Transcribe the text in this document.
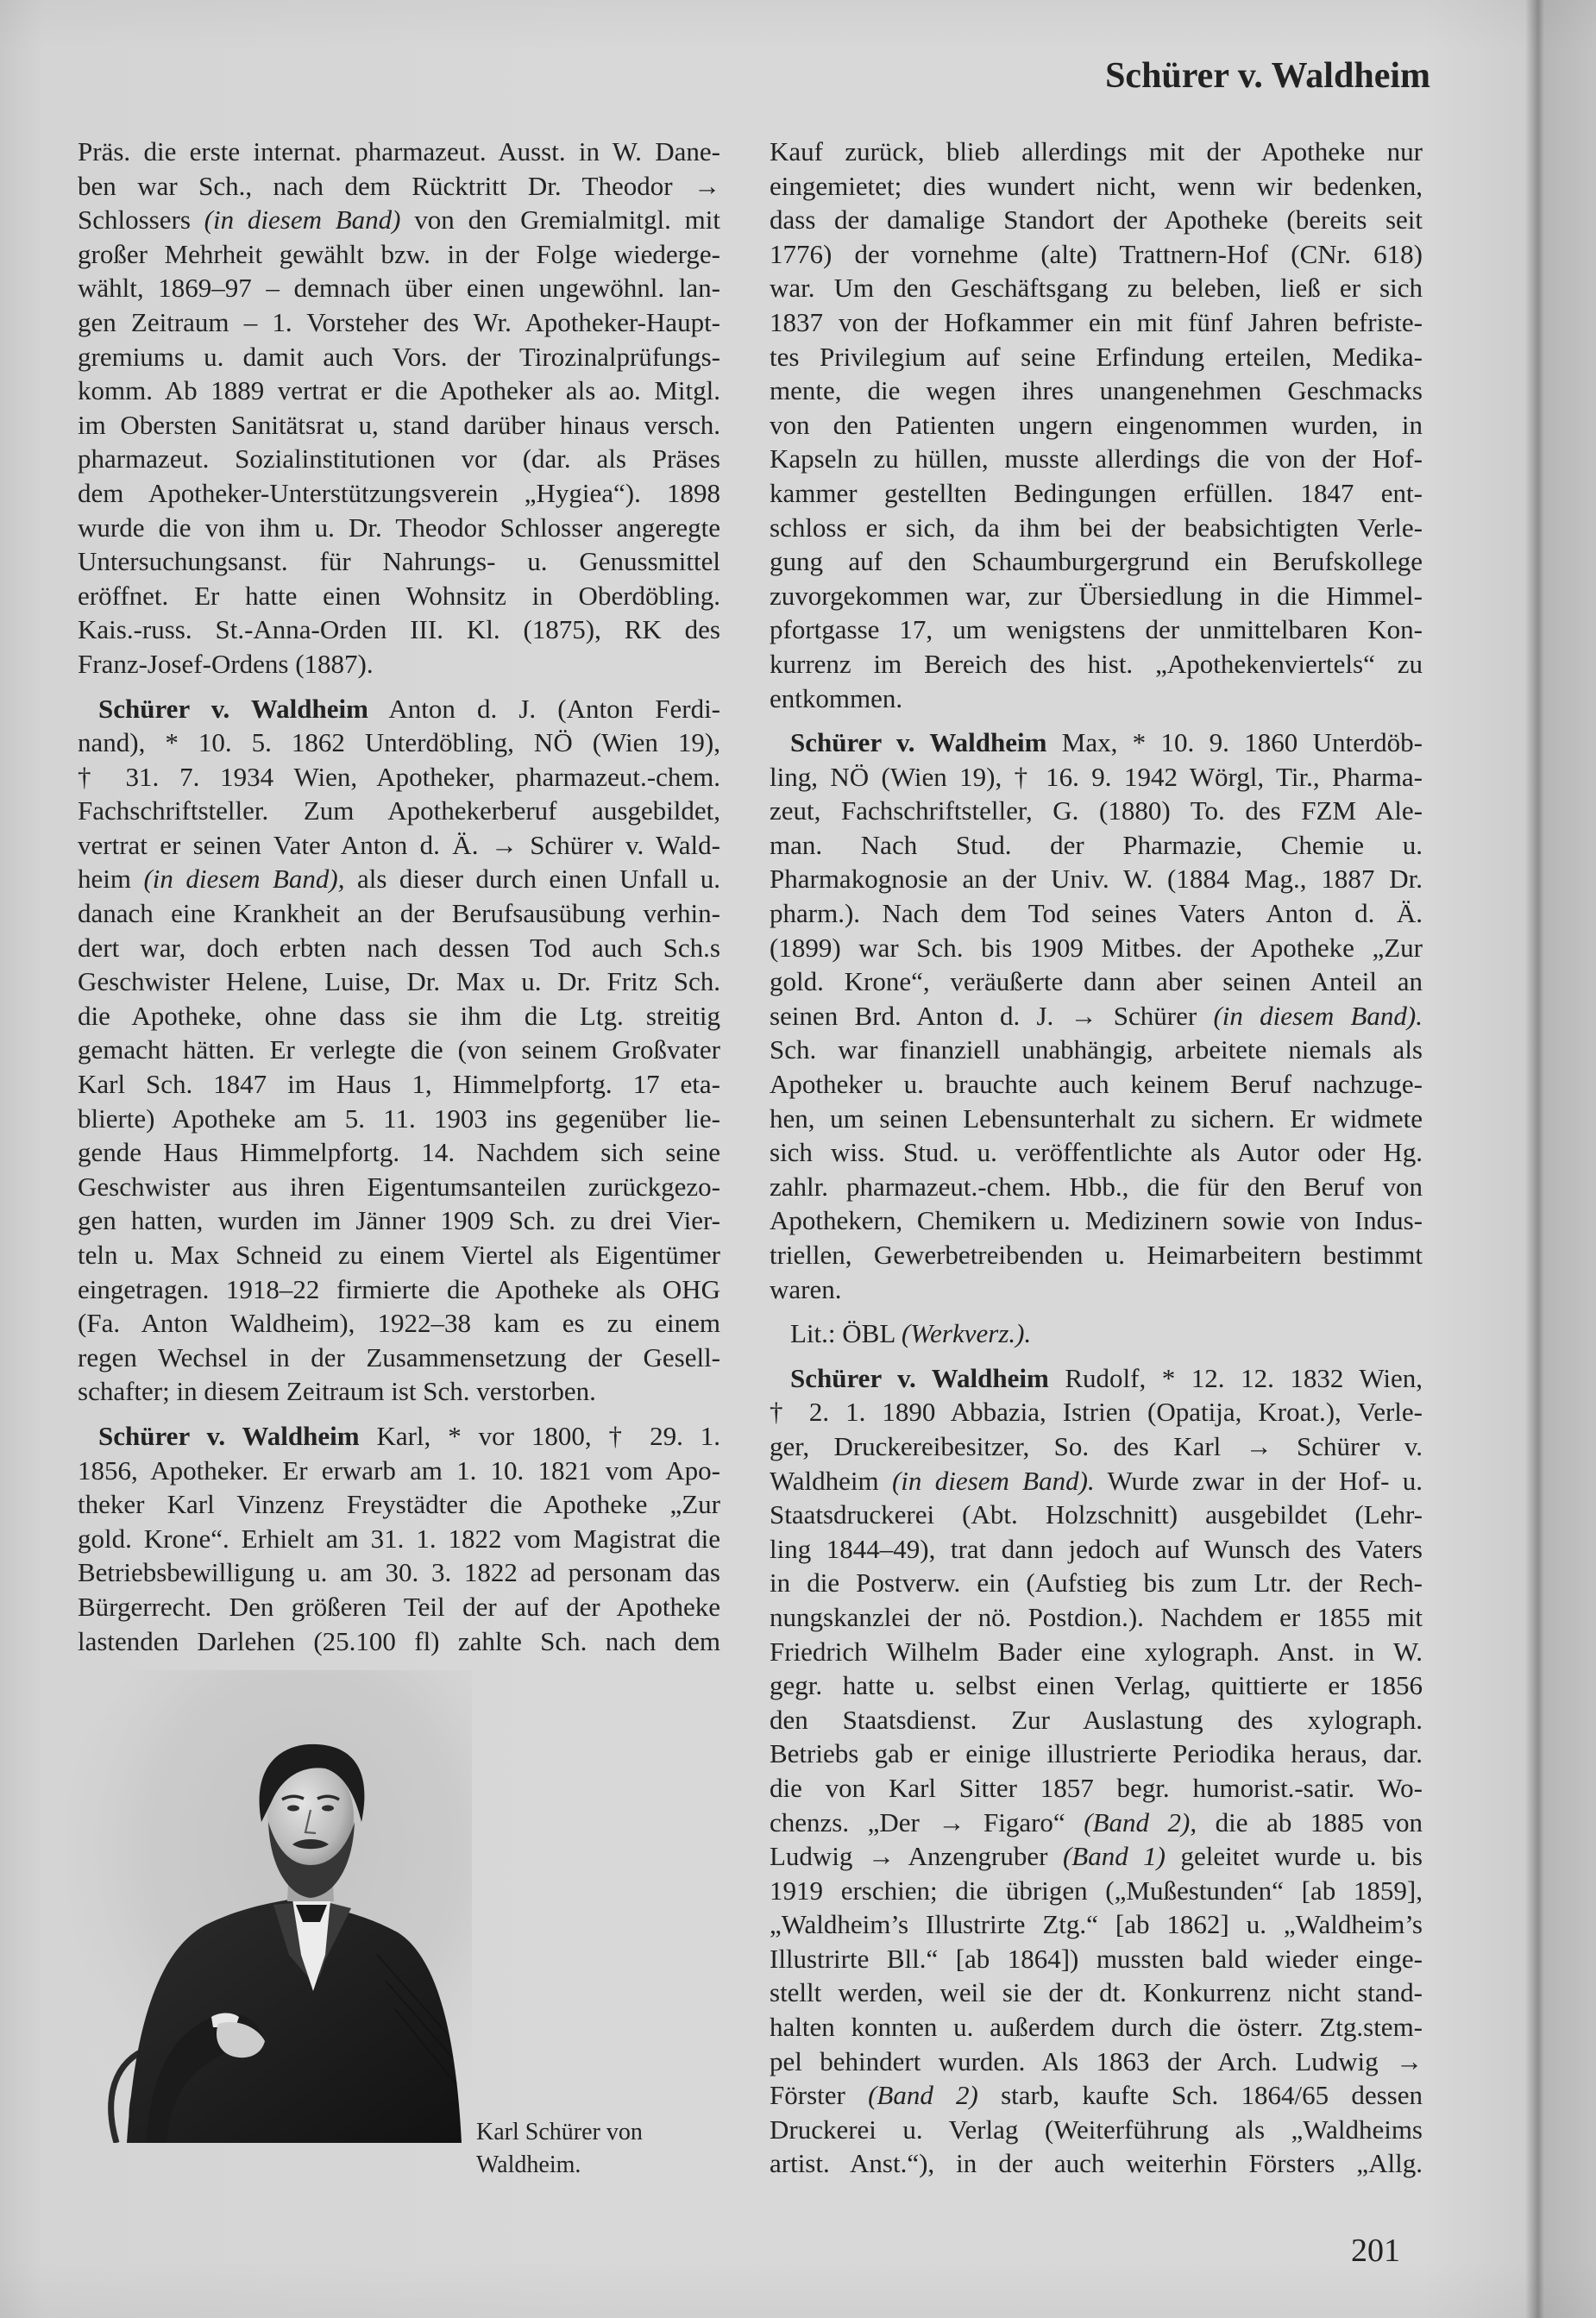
Schürer v. Waldheim
Präs. die erste internat. pharmazeut. Ausst. in W. Dane-
ben war Sch., nach dem Rücktritt Dr. Theodor →
Schlossers (in diesem Band) von den Gremialmitgl. mit
großer Mehrheit gewählt bzw. in der Folge wiederge-
wählt, 1869–97 – demnach über einen ungewöhnl. lan-
gen Zeitraum – 1. Vorsteher des Wr. Apotheker-Haupt-
gremiums u. damit auch Vors. der Tirozinalprüfungs-
komm. Ab 1889 vertrat er die Apotheker als ao. Mitgl.
im Obersten Sanitätsrat u, stand darüber hinaus versch.
pharmazeut. Sozialinstitutionen vor (dar. als Präses
dem Apotheker-Unterstützungsverein „Hygiea“). 1898
wurde die von ihm u. Dr. Theodor Schlosser angeregte
Untersuchungsanst. für Nahrungs- u. Genussmittel
eröffnet. Er hatte einen Wohnsitz in Oberdöbling.
Kais.-russ. St.-Anna-Orden III. Kl. (1875), RK des
Franz-Josef-Ordens (1887).
Schürer v. Waldheim Anton d. J. (Anton Ferdi-
nand), * 10. 5. 1862 Unterdöbling, NÖ (Wien 19),
† 31. 7. 1934 Wien, Apotheker, pharmazeut.-chem.
Fachschriftsteller. Zum Apothekerberuf ausgebildet,
vertrat er seinen Vater Anton d. Ä. → Schürer v. Wald-
heim (in diesem Band), als dieser durch einen Unfall u.
danach eine Krankheit an der Berufsausübung verhin-
dert war, doch erbten nach dessen Tod auch Sch.s
Geschwister Helene, Luise, Dr. Max u. Dr. Fritz Sch.
die Apotheke, ohne dass sie ihm die Ltg. streitig
gemacht hätten. Er verlegte die (von seinem Großvater
Karl Sch. 1847 im Haus 1, Himmelpfortg. 17 eta-
blierte) Apotheke am 5. 11. 1903 ins gegenüber lie-
gende Haus Himmelpfortg. 14. Nachdem sich seine
Geschwister aus ihren Eigentumsanteilen zurückgezo-
gen hatten, wurden im Jänner 1909 Sch. zu drei Vier-
teln u. Max Schneid zu einem Viertel als Eigentümer
eingetragen. 1918–22 firmierte die Apotheke als OHG
(Fa. Anton Waldheim), 1922–38 kam es zu einem
regen Wechsel in der Zusammensetzung der Gesell-
schafter; in diesem Zeitraum ist Sch. verstorben.
Schürer v. Waldheim Karl, * vor 1800, † 29. 1.
1856, Apotheker. Er erwarb am 1. 10. 1821 vom Apo-
theker Karl Vinzenz Freystädter die Apotheke „Zur
gold. Krone“. Erhielt am 31. 1. 1822 vom Magistrat die
Betriebsbewilligung u. am 30. 3. 1822 ad personam das
Bürgerrecht. Den größeren Teil der auf der Apotheke
lastenden Darlehen (25.100 fl) zahlte Sch. nach dem
Karl Schürer von
Waldheim.
Kauf zurück, blieb allerdings mit der Apotheke nur
eingemietet; dies wundert nicht, wenn wir bedenken,
dass der damalige Standort der Apotheke (bereits seit
1776) der vornehme (alte) Trattnern-Hof (CNr. 618)
war. Um den Geschäftsgang zu beleben, ließ er sich
1837 von der Hofkammer ein mit fünf Jahren befriste-
tes Privilegium auf seine Erfindung erteilen, Medika-
mente, die wegen ihres unangenehmen Geschmacks
von den Patienten ungern eingenommen wurden, in
Kapseln zu hüllen, musste allerdings die von der Hof-
kammer gestellten Bedingungen erfüllen. 1847 ent-
schloss er sich, da ihm bei der beabsichtigten Verle-
gung auf den Schaumburgergrund ein Berufskollege
zuvorgekommen war, zur Übersiedlung in die Himmel-
pfortgasse 17, um wenigstens der unmittelbaren Kon-
kurrenz im Bereich des hist. „Apothekenviertels“ zu
entkommen.
Schürer v. Waldheim Max, * 10. 9. 1860 Unterdöb-
ling, NÖ (Wien 19), † 16. 9. 1942 Wörgl, Tir., Pharma-
zeut, Fachschriftsteller, G. (1880) To. des FZM Ale-
man. Nach Stud. der Pharmazie, Chemie u.
Pharmakognosie an der Univ. W. (1884 Mag., 1887 Dr.
pharm.). Nach dem Tod seines Vaters Anton d. Ä.
(1899) war Sch. bis 1909 Mitbes. der Apotheke „Zur
gold. Krone“, veräußerte dann aber seinen Anteil an
seinen Brd. Anton d. J. → Schürer (in diesem Band).
Sch. war finanziell unabhängig, arbeitete niemals als
Apotheker u. brauchte auch keinem Beruf nachzuge-
hen, um seinen Lebensunterhalt zu sichern. Er widmete
sich wiss. Stud. u. veröffentlichte als Autor oder Hg.
zahlr. pharmazeut.-chem. Hbb., die für den Beruf von
Apothekern, Chemikern u. Medizinern sowie von Indus-
triellen, Gewerbetreibenden u. Heimarbeitern bestimmt
waren.
Lit.: ÖBL (Werkverz.).
Schürer v. Waldheim Rudolf, * 12. 12. 1832 Wien,
† 2. 1. 1890 Abbazia, Istrien (Opatija, Kroat.), Verle-
ger, Druckereibesitzer, So. des Karl → Schürer v.
Waldheim (in diesem Band). Wurde zwar in der Hof- u.
Staatsdruckerei (Abt. Holzschnitt) ausgebildet (Lehr-
ling 1844–49), trat dann jedoch auf Wunsch des Vaters
in die Postverw. ein (Aufstieg bis zum Ltr. der Rech-
nungskanzlei der nö. Postdion.). Nachdem er 1855 mit
Friedrich Wilhelm Bader eine xylograph. Anst. in W.
gegr. hatte u. selbst einen Verlag, quittierte er 1856
den Staatsdienst. Zur Auslastung des xylograph.
Betriebs gab er einige illustrierte Periodika heraus, dar.
die von Karl Sitter 1857 begr. humorist.-satir. Wo-
chenzs. „Der → Figaro“ (Band 2), die ab 1885 von
Ludwig → Anzengruber (Band 1) geleitet wurde u. bis
1919 erschien; die übrigen („Mußestunden“ [ab 1859],
„Waldheim’s Illustrirte Ztg.“ [ab 1862] u. „Waldheim’s
Illustrirte Bll.“ [ab 1864]) mussten bald wieder einge-
stellt werden, weil sie der dt. Konkurrenz nicht stand-
halten konnten u. außerdem durch die österr. Ztg.stem-
pel behindert wurden. Als 1863 der Arch. Ludwig →
Förster (Band 2) starb, kaufte Sch. 1864/65 dessen
Druckerei u. Verlag (Weiterführung als „Waldheims
artist. Anst.“), in der auch weiterhin Försters „Allg.
201
